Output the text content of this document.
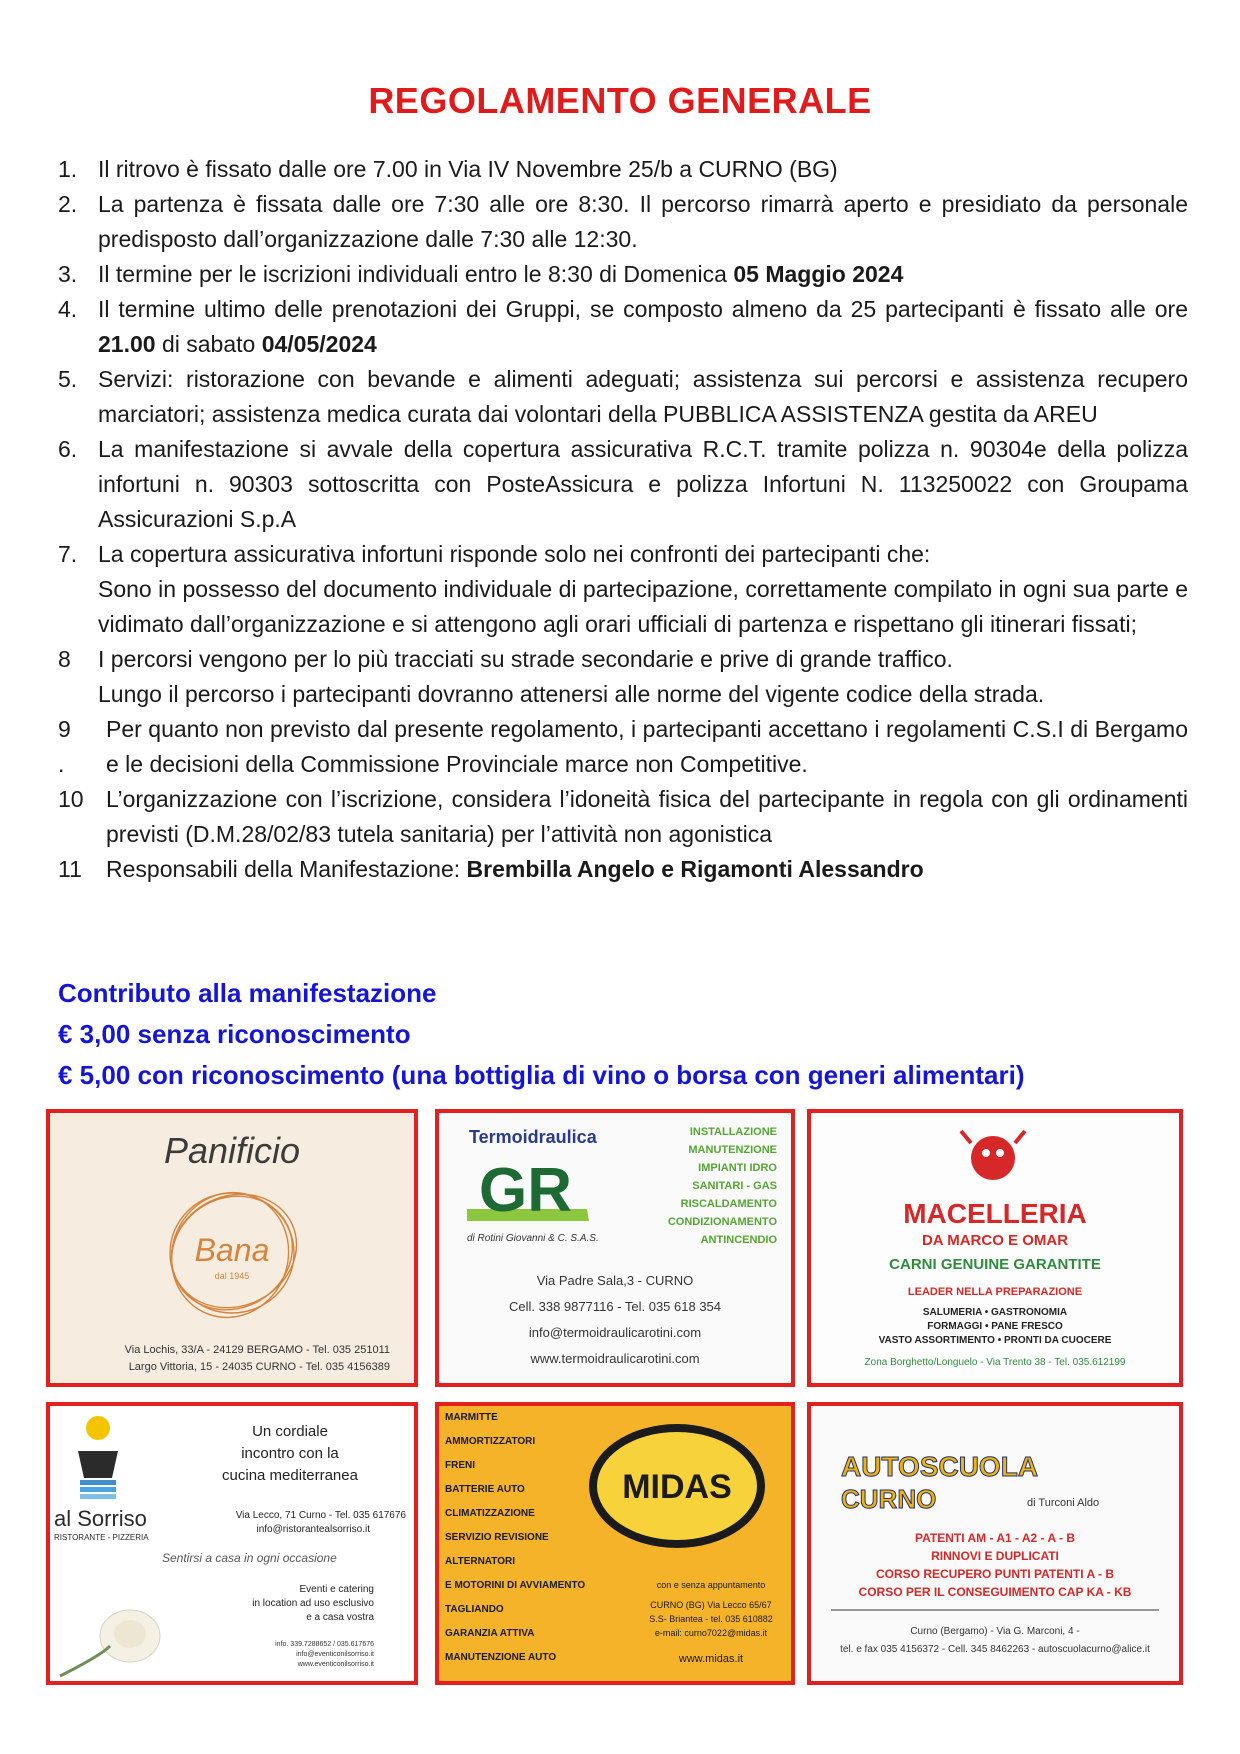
REGOLAMENTO GENERALE
1. Il ritrovo è fissato dalle ore 7.00 in Via IV Novembre 25/b a CURNO (BG)
2. La partenza è fissata dalle ore 7:30 alle ore 8:30. Il percorso rimarrà aperto e presidiato da personale predisposto dall’organizzazione dalle 7:30 alle 12:30.
3. Il termine per le iscrizioni individuali entro le 8:30 di Domenica 05 Maggio 2024
4. Il termine ultimo delle prenotazioni dei Gruppi, se composto almeno da 25 partecipanti è fissato alle ore 21.00 di sabato 04/05/2024
5. Servizi: ristorazione con bevande e alimenti adeguati; assistenza sui percorsi e assistenza recupero marciatori; assistenza medica curata dai volontari della PUBBLICA ASSISTENZA gestita da AREU
6. La manifestazione si avvale della copertura assicurativa R.C.T. tramite polizza n. 90304e della polizza infortuni n. 90303 sottoscritta con PosteAssicura e polizza Infortuni N. 113250022 con Groupama Assicurazioni S.p.A
7. La copertura assicurativa infortuni risponde solo nei confronti dei partecipanti che:
Sono in possesso del documento individuale di partecipazione, correttamente compilato in ogni sua parte e vidimato dall’organizzazione e si attengono agli orari ufficiali di partenza e rispettano gli itinerari fissati;
8	I percorsi vengono per lo più tracciati su strade secondarie e prive di grande traffico.
Lungo il percorso i partecipanti dovranno attenersi alle norme del vigente codice della strada.
9
.
Per quanto non previsto dal presente regolamento, i partecipanti accettano i regolamenti C.S.I di Bergamo e le decisioni della Commissione Provinciale marce non Competitive.
10 L’organizzazione con l’iscrizione, considera l’idoneità fisica del partecipante in regola con gli ordinamenti previsti (D.M.28/02/83 tutela sanitaria) per l’attività non agonistica
11	Responsabili della Manifestazione: Brembilla Angelo e Rigamonti Alessandro
Contributo alla manifestazione
€ 3,00 senza riconoscimento
€ 5,00 con riconoscimento (una bottiglia di vino o borsa con generi alimentari)
Panificio
Bana
dal 1945
Via Lochis, 33/A - 24129 BERGAMO - Tel. 035 251011
Largo Vittoria, 15 - 24035 CURNO - Tel. 035 4156389
Termoidraulica
GR
di Rotini Giovanni & C. S.A.S.
INSTALLAZIONE
MANUTENZIONE
IMPIANTI IDRO
SANITARI - GAS
RISCALDAMENTO
CONDIZIONAMENTO
ANTINCENDIO
Via Padre Sala,3 - CURNO
Cell. 338 9877116 - Tel. 035 618 354
info@termoidraulicarotini.com
www.termoidraulicarotini.com
MACELLERIA
DA MARCO E OMAR
CARNI GENUINE GARANTITE
LEADER NELLA PREPARAZIONE
SALUMERIA • GASTRONOMIA
FORMAGGI • PANE FRESCO
VASTO ASSORTIMENTO • PRONTI DA CUOCERE
Zona Borghetto/Longuelo - Via Trento 38 - Tel. 035.612199
al Sorriso
RISTORANTE - PIZZERIA
Un cordiale
incontro con la
cucina mediterranea
Via Lecco, 71 Curno - Tel. 035 617676
info@ristorantealsorriso.it
Sentirsi a casa in ogni occasione
Eventi e catering
in location ad uso esclusivo
e a casa vostra
info. 339.7288652 / 035.617676
info@eventiconilsorriso.it
www.eventiconilsorriso.it
MARMITTE
AMMORTIZZATORI
FRENI
BATTERIE AUTO
CLIMATIZZAZIONE
SERVIZIO REVISIONE
ALTERNATORI
E MOTORINI DI AVVIAMENTO
TAGLIANDO
GARANZIA ATTIVA
MANUTENZIONE AUTO
MIDAS
con e senza appuntamento
CURNO (BG) Via Lecco 65/67
S.S- Briantea - tel. 035 610882
e-mail: curno7022@midas.it
www.midas.it
AUTOSCUOLA
CURNO	di Turconi Aldo
PATENTI AM - A1 - A2 - A - B
RINNOVI E DUPLICATI
CORSO RECUPERO PUNTI PATENTI A - B
CORSO PER IL CONSEGUIMENTO CAP KA - KB
Curno (Bergamo) - Via G. Marconi, 4 -
tel. e fax 035 4156372 - Cell. 345 8462263 - autoscuolacurno@alice.it
